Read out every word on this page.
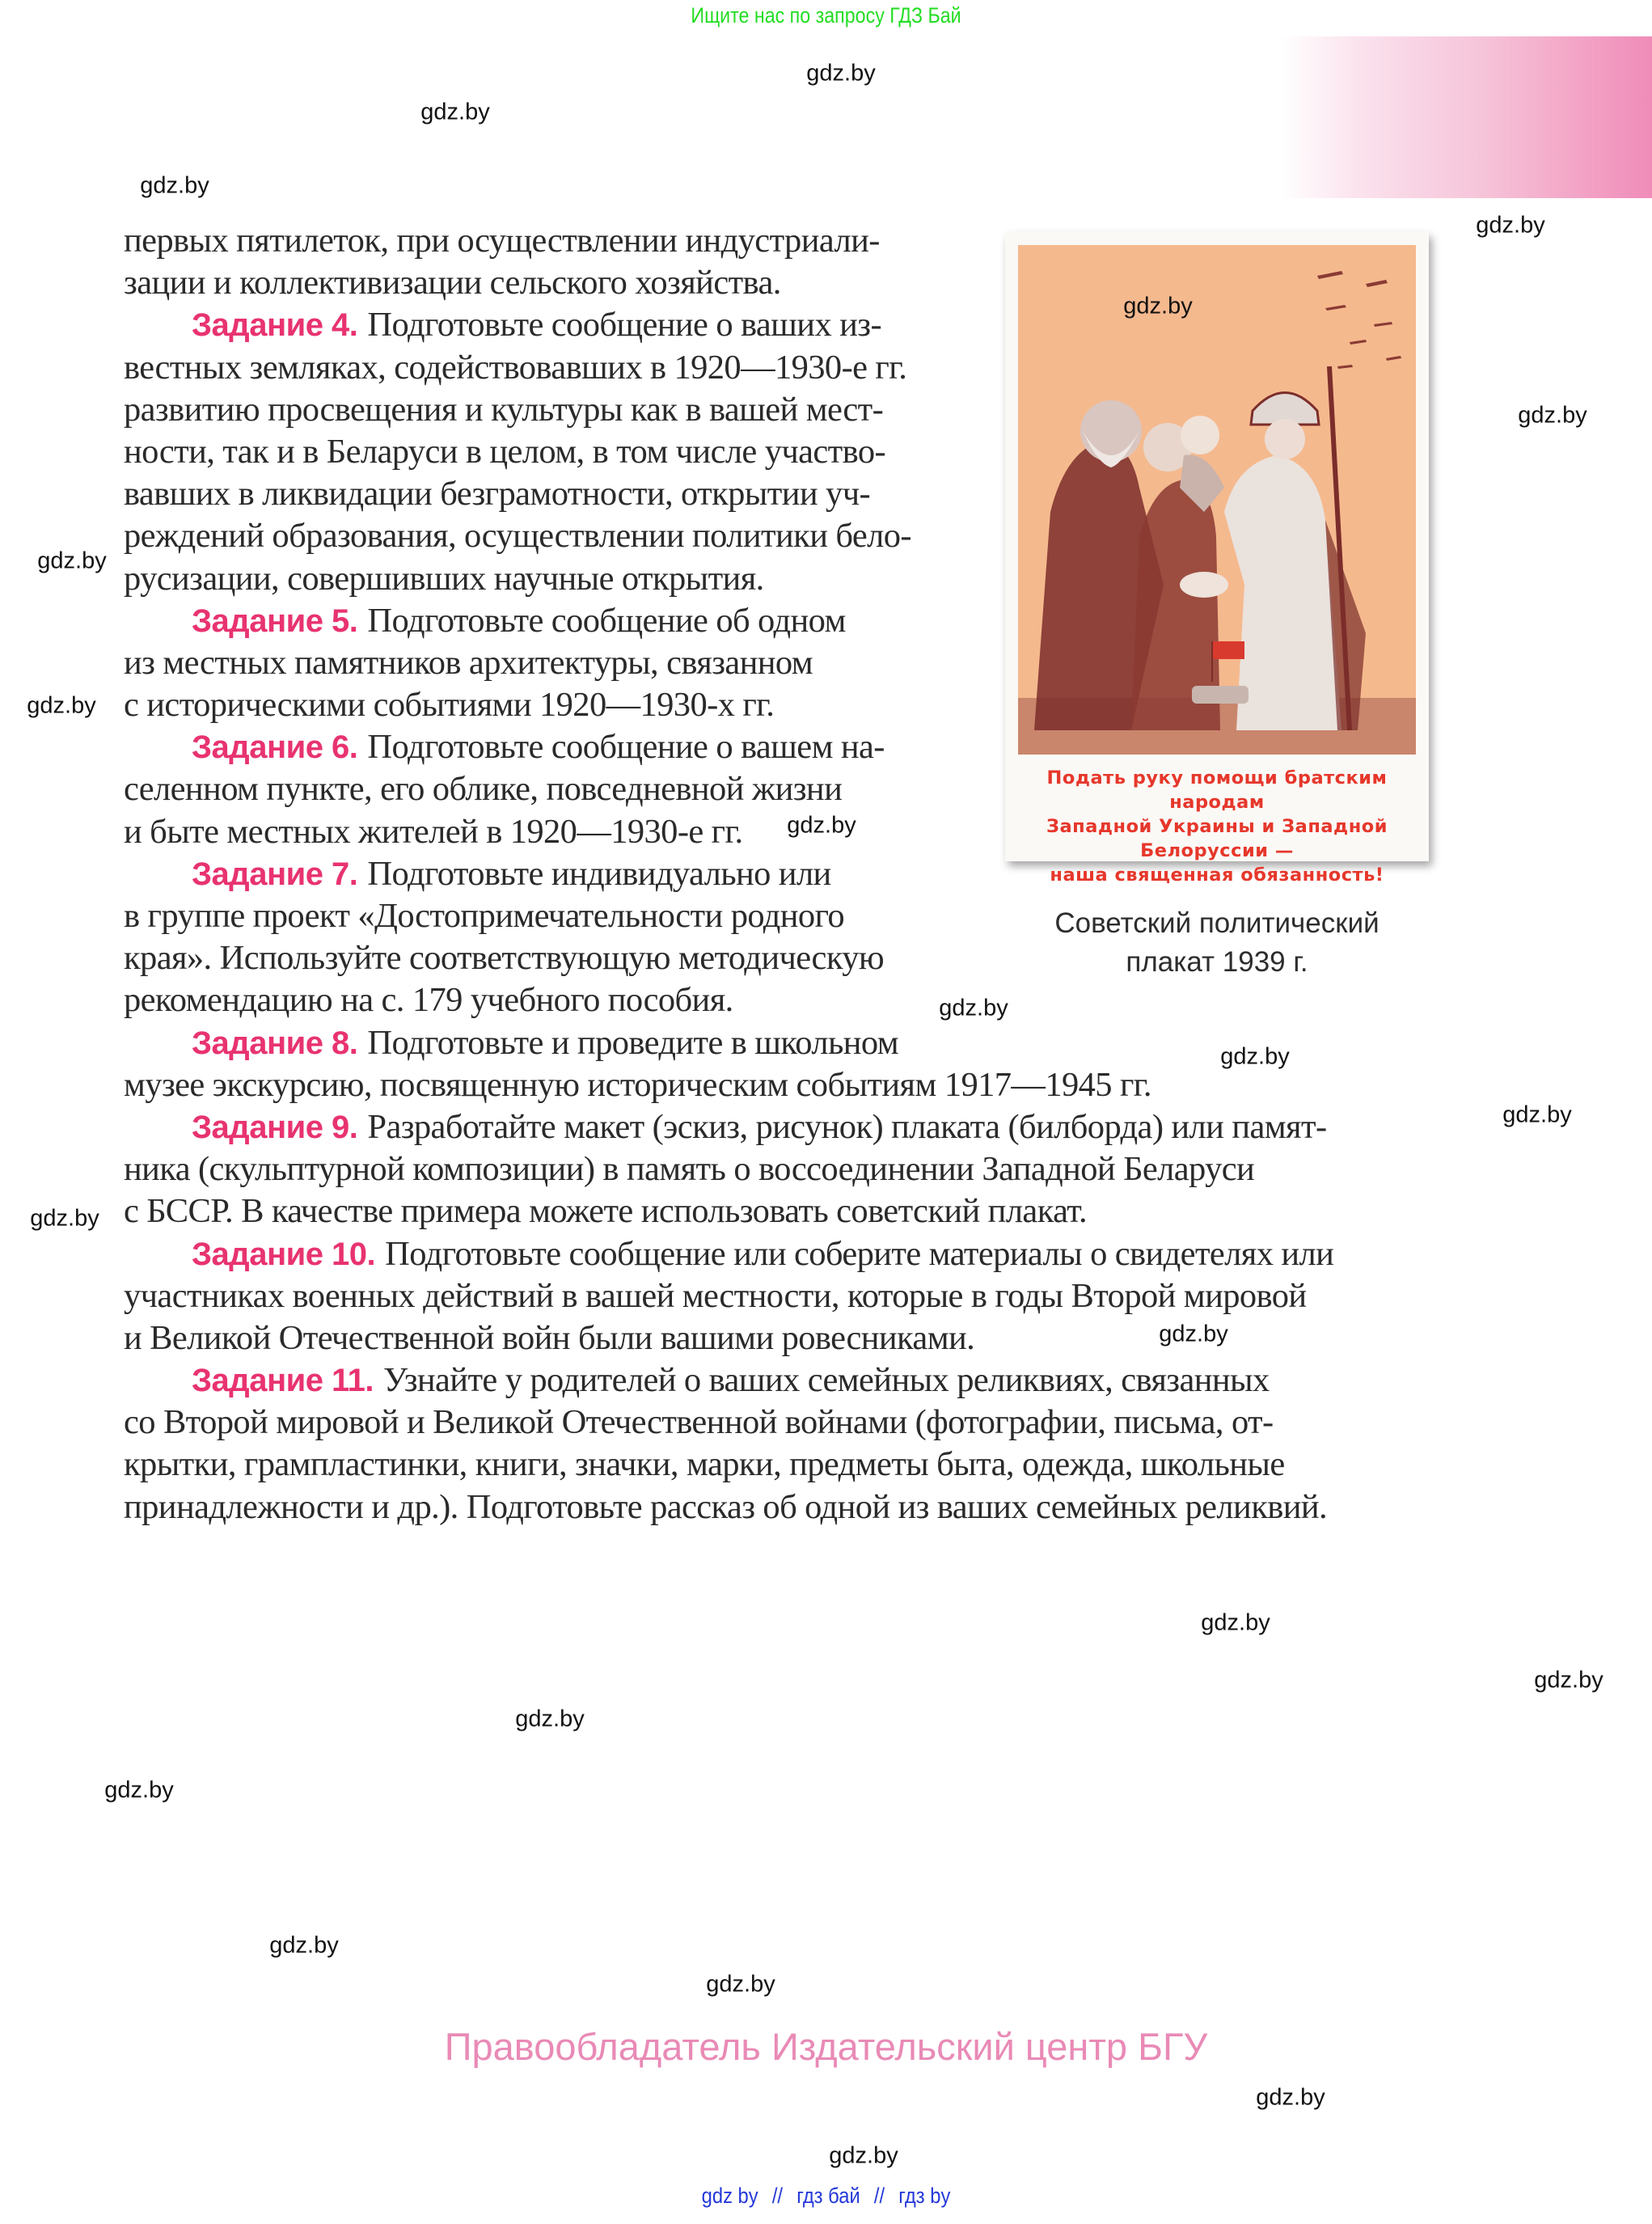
Ищите нас по запросу ГДЗ Бай
первых пятилеток, при осуществлении индустриали-
зации и коллективизации сельского хозяйства.
Задание 4. Подготовьте сообщение о ваших из-
вестных земляках, содействовавших в 1920—1930-е гг.
развитию просвещения и культуры как в вашей мест-
ности, так и в Беларуси в целом, в том числе участво-
вавших в ликвидации безграмотности, открытии уч-
реждений образования, осуществлении политики бело-
русизации, совершивших научные открытия.
Задание 5. Подготовьте сообщение об одном
из местных памятников архитектуры, связанном
с историческими событиями 1920—1930-х гг.
Задание 6. Подготовьте сообщение о вашем на-
селенном пункте, его облике, повседневной жизни
и быте местных жителей в 1920—1930-е гг.
Задание 7. Подготовьте индивидуально или
в группе проект «Достопримечательности родного
края». Используйте соответствующую методическую
рекомендацию на с. 179 учебного пособия.
Задание 8. Подготовьте и проведите в школьном
музее экскурсию, посвященную историческим событиям 1917—1945 гг.
Задание 9. Разработайте макет (эскиз, рисунок) плаката (билборда) или памят-
ника (скульптурной композиции) в память о воссоединении Западной Беларуси
с БССР. В качестве примера можете использовать советский плакат.
Задание 10. Подготовьте сообщение или соберите материалы о свидетелях или
участниках военных действий в вашей местности, которые в годы Второй мировой
и Великой Отечественной войн были вашими ровесниками.
Задание 11. Узнайте у родителей о ваших семейных реликвиях, связанных
со Второй мировой и Великой Отечественной войнами (фотографии, письма, от-
крытки, грампластинки, книги, значки, марки, предметы быта, одежда, школьные
принадлежности и др.). Подготовьте рассказ об одной из ваших семейных реликвий.
Подать руку помощи братским народам
Западной Украины и Западной Белоруссии —
наша священная обязанность!
Советский политический
плакат 1939 г.
Правообладатель Издательский центр БГУ
gdz by // гдз бай // гдз by
gdz.by
gdz.by
gdz.by
gdz.by
gdz.by
gdz.by
gdz.by
gdz.by
gdz.by
gdz.by
gdz.by
gdz.by
gdz.by
gdz.by
gdz.by
gdz.by
gdz.by
gdz.by
gdz.by
gdz.by
gdz.by
gdz.by
